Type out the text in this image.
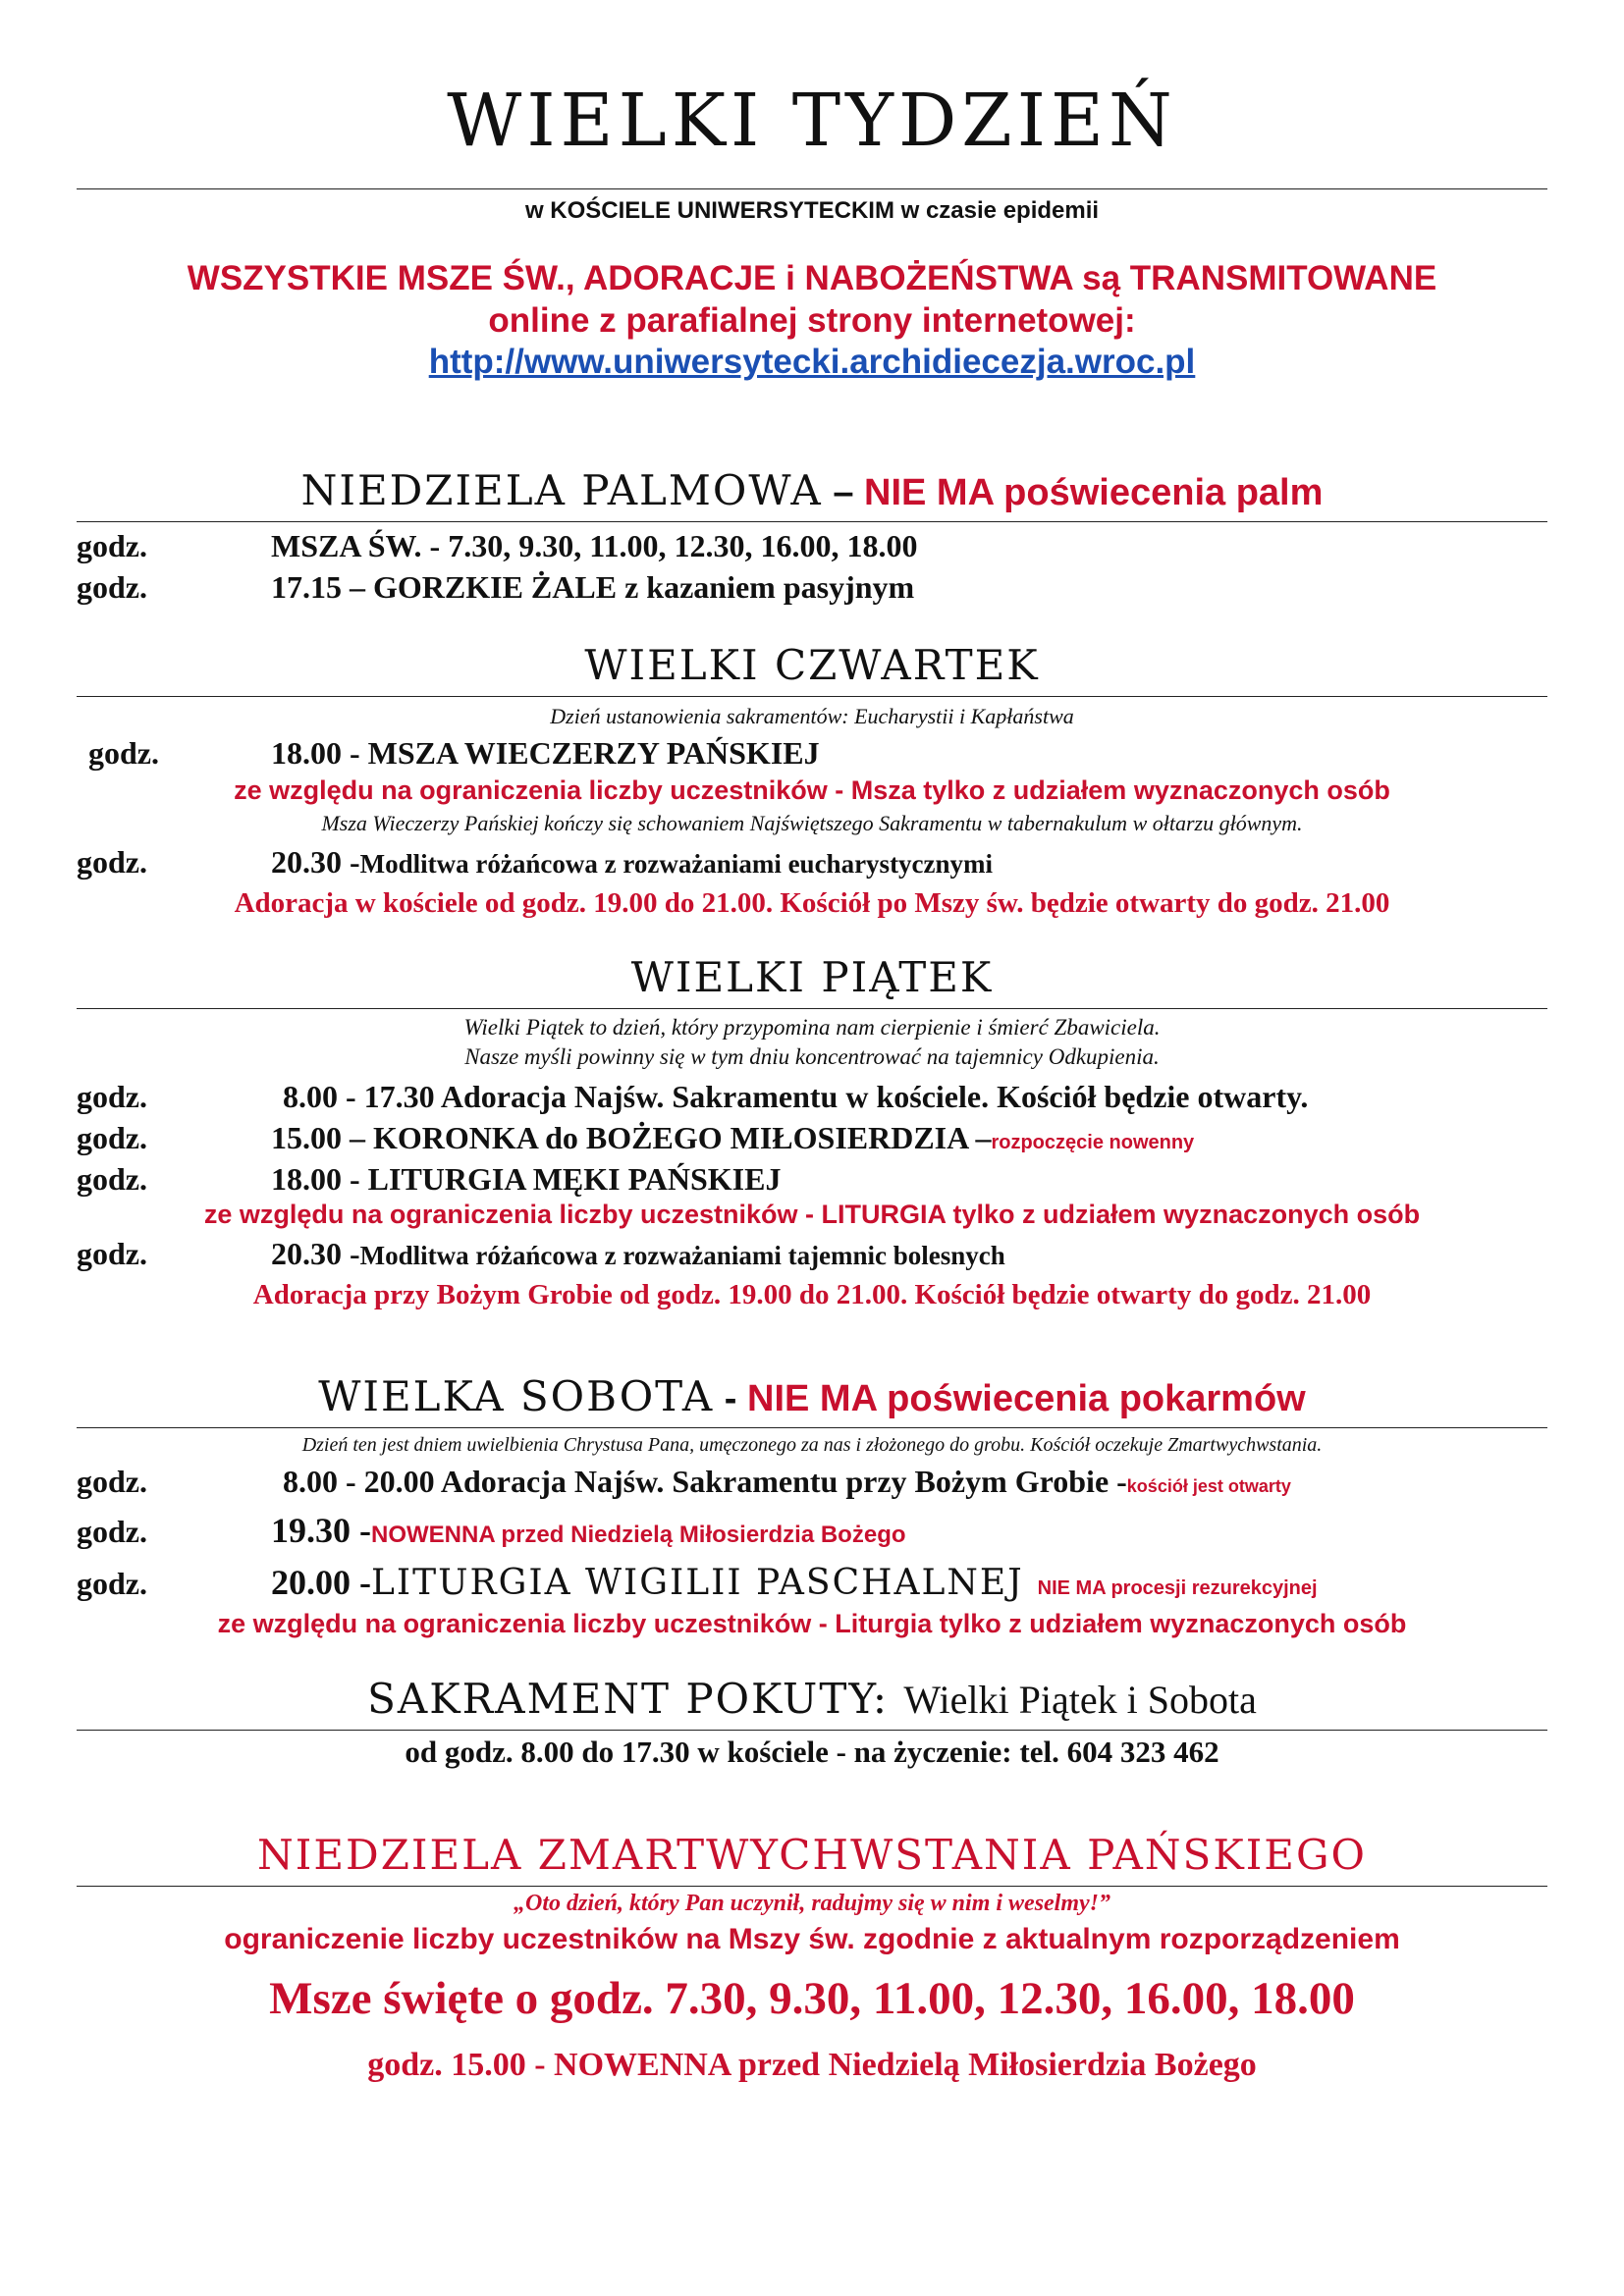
WIELKI TYDZIEŃ
w KOŚCIELE UNIWERSYTECKIM w czasie epidemii
WSZYSTKIE MSZE ŚW., ADORACJE i NABOŻEŃSTWA są TRANSMITOWANE
online z parafialnej strony internetowej:
http://www.uniwersytecki.archidiecezja.wroc.pl
NIEDZIELA PALMOWA – NIE MA poświecenia palm
godz.	MSZA ŚW. - 7.30, 9.30, 11.00, 12.30, 16.00, 18.00
godz.	17.15 – GORZKIE ŻALE z kazaniem pasyjnym
WIELKI CZWARTEK
Dzień ustanowienia sakramentów: Eucharystii i Kapłaństwa
godz.	18.00 - MSZA WIECZERZY PAŃSKIEJ
ze względu na ograniczenia liczby uczestników - Msza tylko z udziałem wyznaczonych osób
Msza Wieczerzy Pańskiej kończy się schowaniem Najświętszego Sakramentu w tabernakulum w ołtarzu głównym.
godz.	20.30 - Modlitwa różańcowa z rozważaniami eucharystycznymi
Adoracja w kościele od godz. 19.00 do 21.00. Kościół po Mszy św. będzie otwarty do godz. 21.00
WIELKI PIĄTEK
Wielki Piątek to dzień, który przypomina nam cierpienie i śmierć Zbawiciela.
Nasze myśli powinny się w tym dniu koncentrować na tajemnicy Odkupienia.
godz.	8.00 - 17.30 Adoracja Najśw. Sakramentu w kościele. Kościół będzie otwarty.
godz.	15.00 – KORONKA do BOŻEGO MIŁOSIERDZIA – rozpoczęcie nowenny
godz.	18.00 - LITURGIA MĘKI PAŃSKIEJ
ze względu na ograniczenia liczby uczestników - LITURGIA tylko z udziałem wyznaczonych osób
godz.	20.30 - Modlitwa różańcowa z rozważaniami tajemnic bolesnych
Adoracja przy Bożym Grobie od godz. 19.00 do 21.00. Kościół będzie otwarty do godz. 21.00
WIELKA SOBOTA - NIE MA poświecenia pokarmów
Dzień ten jest dniem uwielbienia Chrystusa Pana, umęczonego za nas i złożonego do grobu. Kościół oczekuje Zmartwychwstania.
godz.	8.00 - 20.00 Adoracja Najśw. Sakramentu przy Bożym Grobie - kościół jest otwarty
godz.	19.30 - NOWENNA przed Niedzielą Miłosierdzia Bożego
godz.	20.00 - LITURGIA WIGILII PASCHALNEJ NIE MA procesji rezurekcyjnej
ze względu na ograniczenia liczby uczestników - Liturgia tylko z udziałem wyznaczonych osób
SAKRAMENT POKUTY: Wielki Piątek i Sobota
od godz. 8.00 do 17.30 w kościele - na życzenie: tel. 604 323 462
NIEDZIELA ZMARTWYCHWSTANIA PAŃSKIEGO
„Oto dzień, który Pan uczynił, radujmy się w nim i weselmy!”
ograniczenie liczby uczestników na Mszy św. zgodnie z aktualnym rozporządzeniem
Msze święte o godz. 7.30, 9.30, 11.00, 12.30, 16.00, 18.00
godz. 15.00 - NOWENNA przed Niedzielą Miłosierdzia Bożego
